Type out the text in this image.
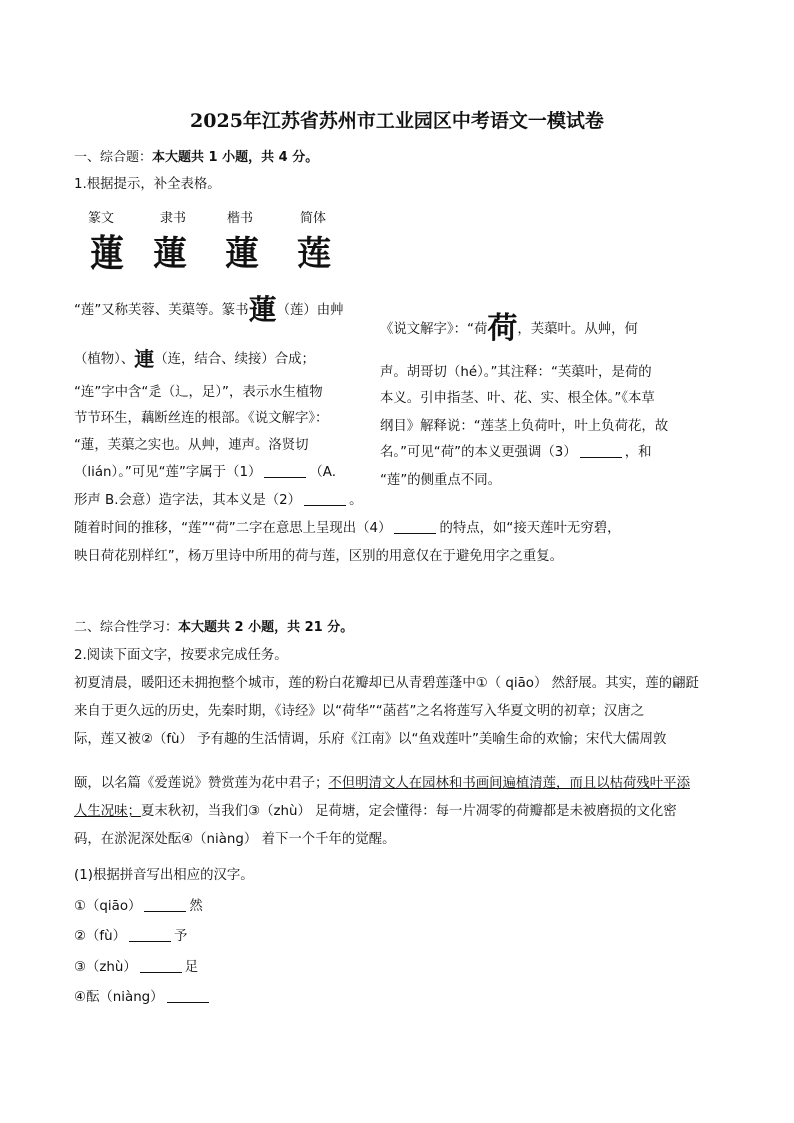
2025年江苏省苏州市工业园区中考语文一模试卷
一、综合题：本大题共 1 小题，共 4 分。
1.根据提示，补全表格。
篆文	隶书	楷书	简体
蓮 蓮 蓮 莲
“莲”又称芙蓉、芙蕖等。篆书蓮（莲）由艸
（植物）、連（连，结合、续接）合成；
“连”字中含“辵（辶，足）”，表示水生植物
节节环生，藕断丝连的根部。《说文解字》：
“蓮，芙蕖之实也。从艸，連声。洛贤切
（lián）。”可见“莲”字属于（1）	（A.
形声 B.会意）造字法，其本义是（2）	。
《说文解字》：“荷荷，芙蕖叶。从艸，何
声。胡哥切（hé）。”其注释：“芙蕖叶，是荷的
本义。引申指茎、叶、花、实、根全体。”《本草
纲目》解释说：“莲茎上负荷叶，叶上负荷花，故
名。”可见“荷”的本义更强调（3）	，和
“莲”的侧重点不同。
随着时间的推移，“莲”“荷”二字在意思上呈现出（4）	的特点，如“接天莲叶无穷碧，
映日荷花别样红”，杨万里诗中所用的荷与莲，区别的用意仅在于避免用字之重复。
二、综合性学习：本大题共 2 小题，共 21 分。
2.阅读下面文字，按要求完成任务。
初夏清晨，暖阳还未拥抱整个城市，莲的粉白花瓣却已从青碧莲蓬中①（ qiāo） 然舒展。其实，莲的翩跹
来自于更久远的历史，先秦时期，《诗经》以“荷华”“菡萏”之名将莲写入华夏文明的初章；汉唐之
际，莲又被②（fù） 予有趣的生活情调，乐府《江南》以“鱼戏莲叶”美喻生命的欢愉；宋代大儒周敦
颐，以名篇《爱莲说》赞赏莲为花中君子；不但明清文人在园林和书画间遍植清莲，而且以枯荷残叶平添
人生况味；夏末秋初，当我们③（zhù） 足荷塘，定会懂得：每一片凋零的荷瓣都是未被磨损的文化密
码，在淤泥深处酝④（niàng） 着下一个千年的觉醒。
(1)根据拼音写出相应的汉字。
①（qiāo）	然
②（fù）	予
③（zhù）	足
④酝（niàng）
